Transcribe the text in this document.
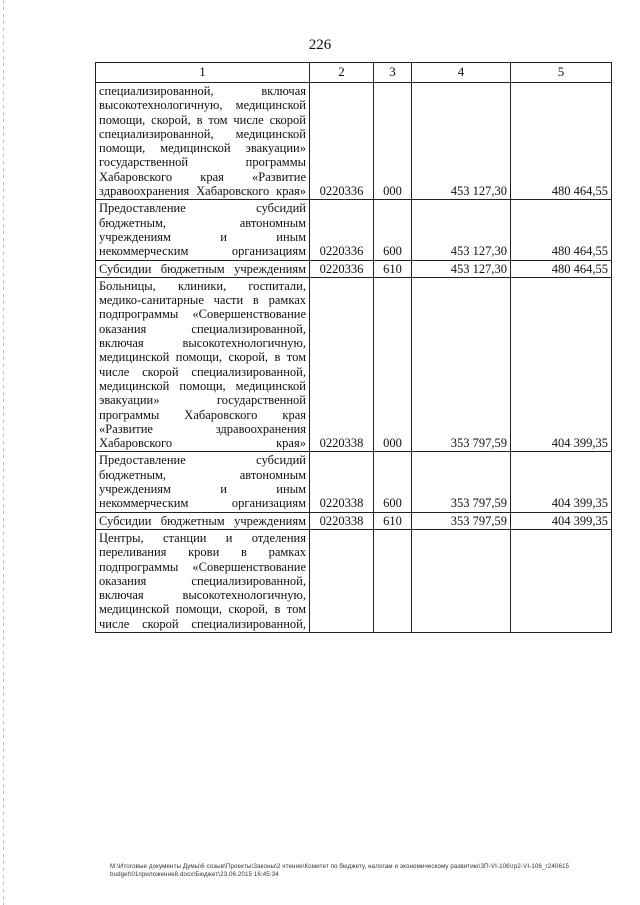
226
1	2	3	4	5
специализированной, включая высокотехнологичную, медицинской помощи, скорой, в том числе скорой специализированной, медицинской помощи, медицинской эвакуации» государственной программы Хабаровского края «Развитие здравоохранения Хабаровского края»	0220336	000	453 127,30	480 464,55
Предоставление субсидий бюджетным, автономным учреждениям и иным некоммерческим организациям	0220336	600	453 127,30	480 464,55
Субсидии бюджетным учреждениям	0220336	610	453 127,30	480 464,55
Больницы, клиники, госпитали, медико-санитарные части в рамках подпрограммы «Совершенствование оказания специализированной, включая высокотехнологичную, медицинской помощи, скорой, в том числе скорой специализированной, медицинской помощи, медицинской эвакуации» государственной программы Хабаровского края «Развитие здравоохранения Хабаровского края»	0220338	000	353 797,59	404 399,35
Предоставление субсидий бюджетным, автономным учреждениям и иным некоммерческим организациям	0220338	600	353 797,59	404 399,35
Субсидии бюджетным учреждениям	0220338	610	353 797,59	404 399,35
Центры, станции и отделения переливания крови в рамках подпрограммы «Совершенствование оказания специализированной, включая высокотехнологичную, медицинской помощи, скорой, в том числе скорой специализированной,				
M:\Итоговые документы Думы\6 созыв\Проекты\Законы\2 чтение\Комитет по бюджету, налогам и экономическому развитию\ЗП-VI-106\гр2-VI-106_г240615 budget\01приложение8.docx\Бюджет\23.06.2015 16:45:34
